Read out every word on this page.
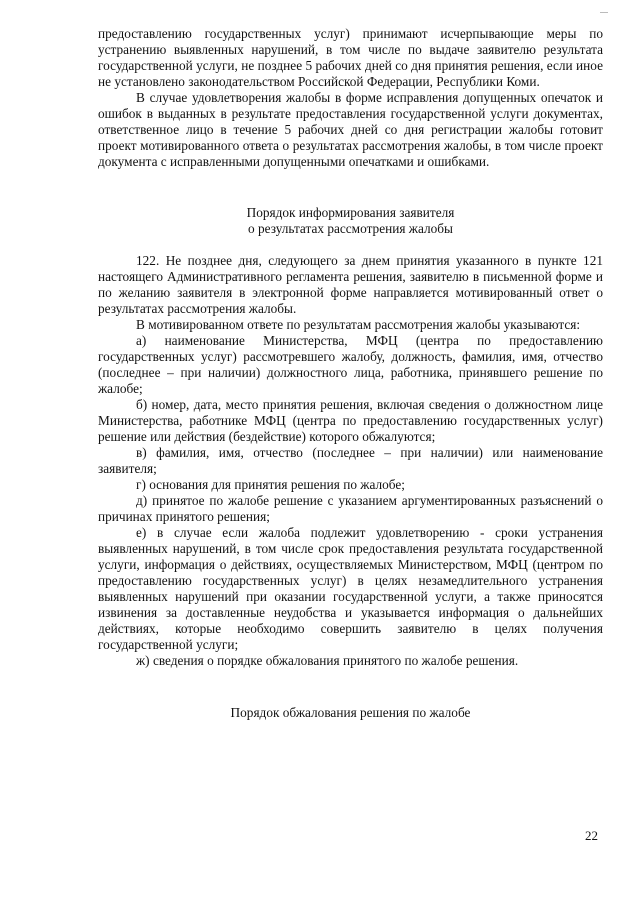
предоставлению государственных услуг) принимают исчерпывающие меры по устранению выявленных нарушений, в том числе по выдаче заявителю результата государственной услуги, не позднее 5 рабочих дней со дня принятия решения, если иное не установлено законодательством Российской Федерации, Республики Коми.

В случае удовлетворения жалобы в форме исправления допущенных опечаток и ошибок в выданных в результате предоставления государственной услуги документах, ответственное лицо в течение 5 рабочих дней со дня регистрации жалобы готовит проект мотивированного ответа о результатах рассмотрения жалобы, в том числе проект документа с исправленными допущенными опечатками и ошибками.

Порядок информирования заявителя

о результатах рассмотрения жалобы

122. Не позднее дня, следующего за днем принятия указанного в пункте 121 настоящего Административного регламента решения, заявителю в письменной форме и по желанию заявителя в электронной форме направляется мотивированный ответ о результатах рассмотрения жалобы.

В мотивированном ответе по результатам рассмотрения жалобы указываются:

а) наименование Министерства, МФЦ (центра по предоставлению государственных услуг) рассмотревшего жалобу, должность, фамилия, имя, отчество (последнее – при наличии) должностного лица, работника, принявшего решение по жалобе;

б) номер, дата, место принятия решения, включая сведения о должностном лице Министерства, работнике МФЦ (центра по предоставлению государственных услуг) решение или действия (бездействие) которого обжалуются;

в) фамилия, имя, отчество (последнее – при наличии) или наименование заявителя;

г) основания для принятия решения по жалобе;

д) принятое по жалобе решение с указанием аргументированных разъяснений о причинах принятого решения;

е) в случае если жалоба подлежит удовлетворению - сроки устранения выявленных нарушений, в том числе срок предоставления результата государственной услуги, информация о действиях, осуществляемых Министерством, МФЦ (центром по предоставлению государственных услуг) в целях незамедлительного устранения выявленных нарушений при оказании государственной услуги, а также приносятся извинения за доставленные неудобства и указывается информация о дальнейших действиях, которые необходимо совершить заявителю в целях получения государственной услуги;

ж) сведения о порядке обжалования принятого по жалобе решения.

Порядок обжалования решения по жалобе

22
